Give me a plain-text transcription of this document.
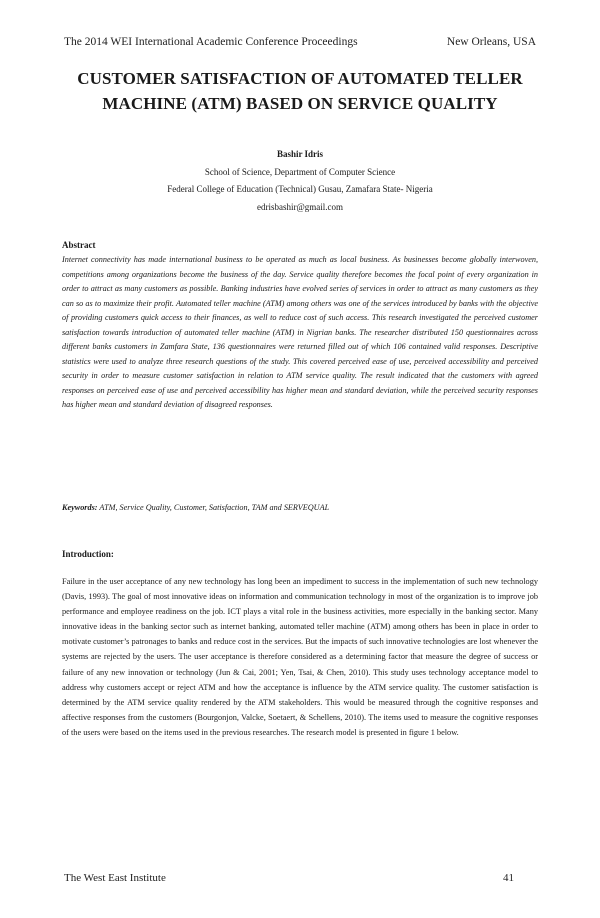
The 2014 WEI International Academic Conference Proceedings	New Orleans, USA
CUSTOMER SATISFACTION OF AUTOMATED TELLER
MACHINE (ATM) BASED ON SERVICE QUALITY
Bashir Idris
School of Science, Department of Computer Science
Federal College of Education (Technical) Gusau, Zamafara State- Nigeria
edrisbashir@gmail.com
Abstract
Internet connectivity has made international business to be operated as much as local business. As businesses become globally interwoven, competitions among organizations become the business of the day. Service quality therefore becomes the focal point of every organization in order to attract as many customers as possible. Banking industries have evolved series of services in order to attract as many customers as they can so as to maximize their profit. Automated teller machine (ATM) among others was one of the services introduced by banks with the objective of providing customers quick access to their finances, as well to reduce cost of such access. This research investigated the perceived customer satisfaction towards introduction of automated teller machine (ATM) in Nigrian banks. The researcher distributed 150 questionnaires across different banks customers in Zamfara State, 136 questionnaires were returned filled out of which 106 contained valid responses. Descriptive statistics were used to analyze three research questions of the study. This covered perceived ease of use, perceived accessibility and perceived security in order to measure customer satisfaction in relation to ATM service quality. The result indicated that the customers with agreed responses on perceived ease of use and perceived accessibility has higher mean and standard deviation, while the perceived security responses has higher mean and standard deviation of disagreed responses.
Keywords: ATM, Service Quality, Customer, Satisfaction, TAM and SERVEQUAL
Introduction:
Failure in the user acceptance of any new technology has long been an impediment to success in the implementation of such new technology (Davis, 1993). The goal of most innovative ideas on information and communication technology in most of the organization is to improve job performance and employee readiness on the job. ICT plays a vital role in the business activities, more especially in the banking sector. Many innovative ideas in the banking sector such as internet banking, automated teller machine (ATM) among others has been in place in order to motivate customer’s patronages to banks and reduce cost in the services. But the impacts of such innovative technologies are lost whenever the systems are rejected by the users. The user acceptance is therefore considered as a determining factor that measure the degree of success or failure of any new innovation or technology (Jun & Cai, 2001; Yen, Tsai, & Chen, 2010). This study uses technology acceptance model to address why customers accept or reject ATM and how the acceptance is influence by the ATM service quality. The customer satisfaction is determined by the ATM service quality rendered by the ATM stakeholders. This would be measured through the cognitive responses and affective responses from the customers (Bourgonjon, Valcke, Soetaert, & Schellens, 2010). The items used to measure the cognitive responses of the users were based on the items used in the previous researches. The research model is presented in figure 1 below.
The West East Institute	41
